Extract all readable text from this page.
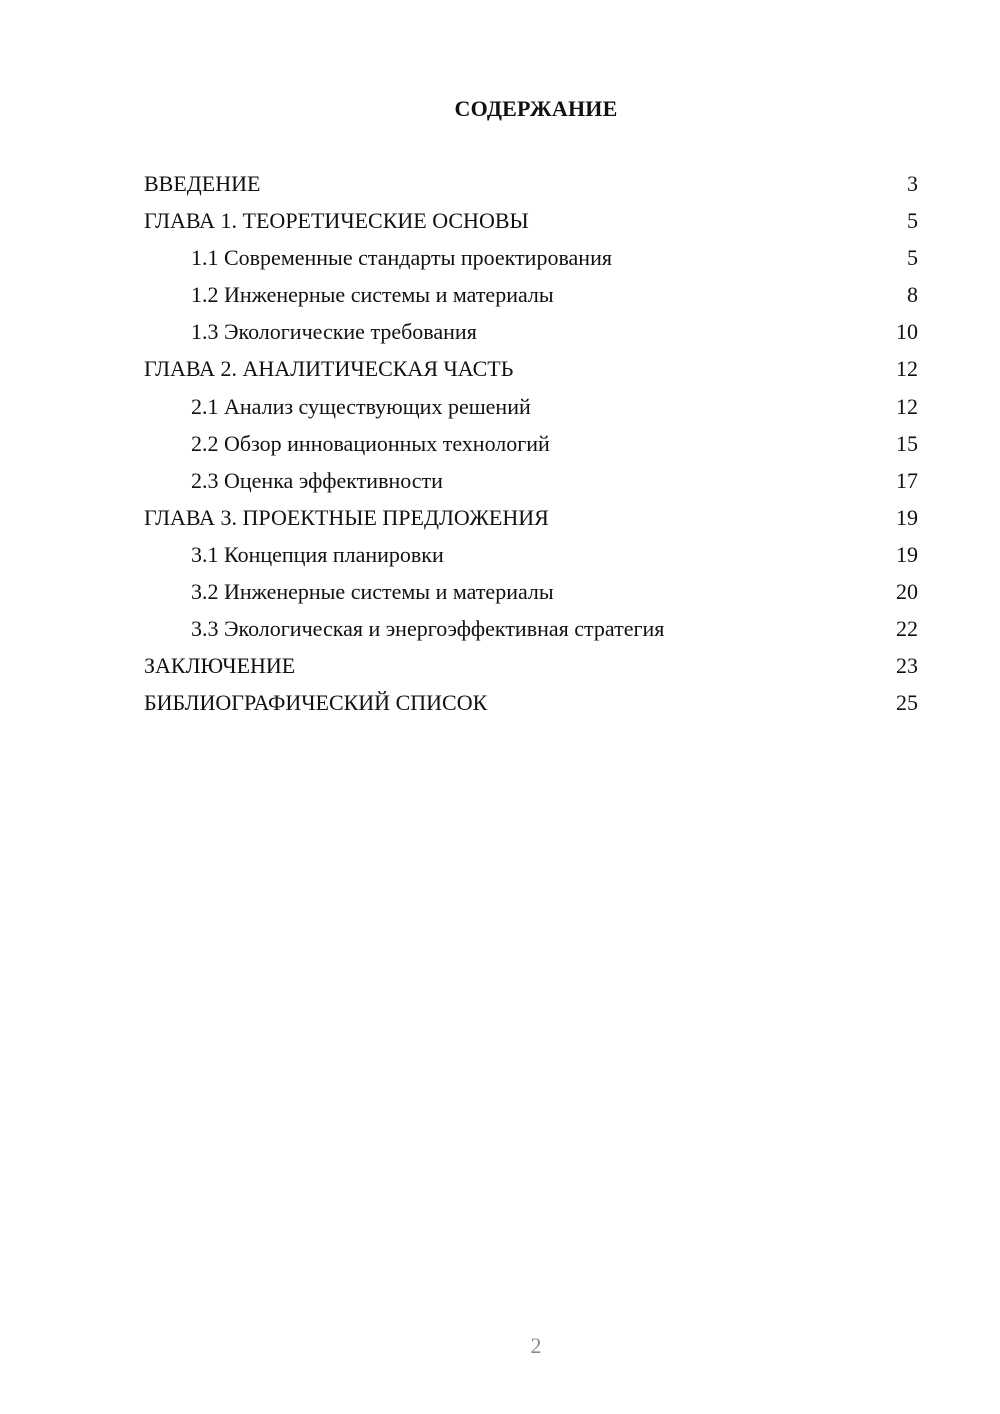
СОДЕРЖАНИЕ
ВВЕДЕНИЕ	3
ГЛАВА 1. ТЕОРЕТИЧЕСКИЕ ОСНОВЫ	5
1.1 Современные стандарты проектирования	5
1.2 Инженерные системы и материалы	8
1.3 Экологические требования	10
ГЛАВА 2. АНАЛИТИЧЕСКАЯ ЧАСТЬ	12
2.1 Анализ существующих решений	12
2.2 Обзор инновационных технологий	15
2.3 Оценка эффективности	17
ГЛАВА 3. ПРОЕКТНЫЕ ПРЕДЛОЖЕНИЯ	19
3.1 Концепция планировки	19
3.2 Инженерные системы и материалы	20
3.3 Экологическая и энергоэффективная стратегия	22
ЗАКЛЮЧЕНИЕ	23
БИБЛИОГРАФИЧЕСКИЙ СПИСОК	25
2
